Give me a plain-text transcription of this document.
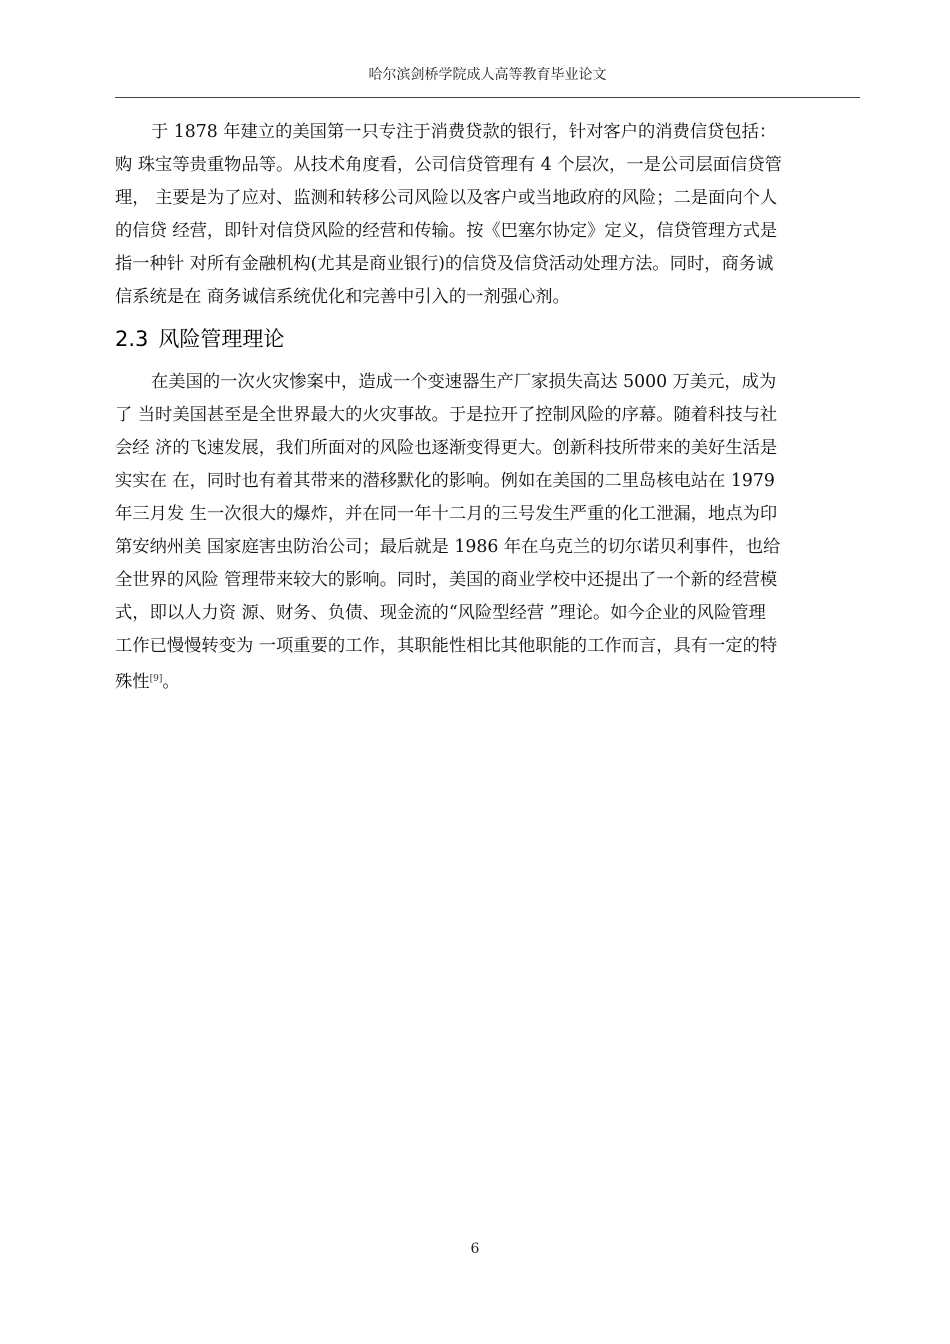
哈尔滨剑桥学院成人高等教育毕业论文

于 1878 年建立的美国第一只专注于消费贷款的银行，针对客户的消费信贷包括：
购 珠宝等贵重物品等。从技术角度看，公司信贷管理有 4 个层次，一是公司层面信贷管
理， 主要是为了应对、监测和转移公司风险以及客户或当地政府的风险；二是面向个人
的信贷 经营，即针对信贷风险的经营和传输。按《巴塞尔协定》定义，信贷管理方式是
指一种针 对所有金融机构(尤其是商业银行)的信贷及信贷活动处理方法。同时，商务诚
信系统是在 商务诚信系统优化和完善中引入的一剂强心剂。

2.3 风险管理理论

在美国的一次火灾惨案中，造成一个变速器生产厂家损失高达 5000 万美元，成为
了 当时美国甚至是全世界最大的火灾事故。于是拉开了控制风险的序幕。随着科技与社
会经 济的飞速发展，我们所面对的风险也逐渐变得更大。创新科技所带来的美好生活是
实实在 在，同时也有着其带来的潜移默化的影响。例如在美国的二里岛核电站在 1979
年三月发 生一次很大的爆炸，并在同一年十二月的三号发生严重的化工泄漏，地点为印
第安纳州美 国家庭害虫防治公司；最后就是 1986 年在乌克兰的切尔诺贝利事件，也给
全世界的风险 管理带来较大的影响。同时，美国的商业学校中还提出了一个新的经营模
式，即以人力资 源、财务、负债、现金流的“风险型经营 ”理论。如今企业的风险管理
工作已慢慢转变为 一项重要的工作，其职能性相比其他职能的工作而言，具有一定的特
殊性[9]。

6
